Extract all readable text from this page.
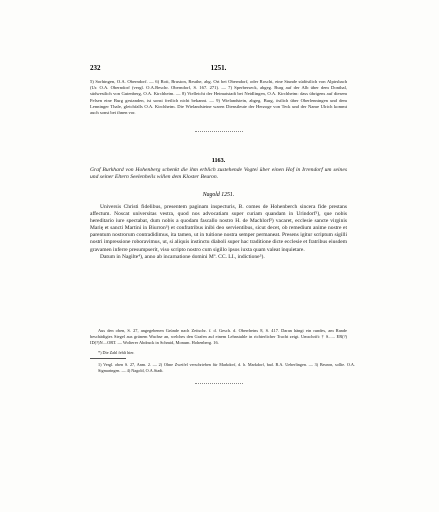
232	1251.

5) Sorhingen, O.A. Oberndorf. — 6) Roti, Bruston, Reuthe, abg. Ort bei Oberndorf, oder Roschi, eine Stunde südöstlich von Alpirsbach (Ur. O.A. Oberndorf (vergl. O.A.Beschr. Oberndorf, S. 167. 271). — 7) Sperberseck, abgeg. Burg auf der Alb über dem Donthal, südwestlich von Gutenberg, O.A. Kirchheim. — 8) Vielleicht der Heimatstadt bei Neidlingen, O.A. Kirchheim: dass übrigens auf diesem Felsen eine Burg gestanden, ist sonst freilich nicht bekannt. — 9) Wielandstein, abgeg. Burg, östlich über Oberlenningen und dem Lenninger Thale, gleichfalls O.A. Kirchheim. Die Wielandsteine waren Dienstleute der Herzoge von Teck und der Name Ulrich kommt auch sonst bei ihnen vor.

1163.

Graf Burkhard von Hohenberg schenkt die ihm erblich zustehende Vogtei über einen Hof in Irrendorf um seines und seiner Eltern Seelenheils willen dem Kloster Beuron.

Nagold 1251.

Universis Christi fidelibus, presentem paginam inspecturis, B. comes de Hohenberch sincera fide prestans affectum. Noscat universitas vestra, quod nos advocatiam super curiam quandam in Urindorf¹), que nobis hereditario iure spectabat, dum nobis a quodam fascallo nostro H. de Machlorf²) vacaret, ecclesie sancte virginis Marię et sancti Martini in Biurron³) et confratribus inibi deo servientibus, sicut decet, ob remedium anime nostre et parentum nostrorum contradidimus, ita tamen, ut in tuitione nostra semper permaneat. Presens igitur scriptum sigilli nostri impressione roboravimus, ut, si aliquis instinctu diaboli super hac traditione dicte ecclesie et fratribus eiusdem gravamen inferre presumpserit, viso scripto nostro cum sigillo ipsos iuxta quam valeat inquietare.

Datum in Nagilte⁴), anno ab incarnatione domini Mº. CC. LI., indictione⁵).

Aus den oben, S. 27, angegebenen Gründe nach Zeitschr. f. d. Gesch. d. Oberrheins 8, S. 417. Daran hängt ein rundes, am Rande beschädigtes Siegel aus grünem Wachse an, welches den Grafen auf einem Lehnstuhle in richterlicher Tracht zeigt. Umschrift: † S...... ER(?) ID(?)N....ORT. — Wolterer Abdruck in Schmid, Monum. Hohenberg. 16.

*) Die Zahl fehlt hier.

1) Vergl. oben S. 27, Anm. 2. — 2) Ohne Zweifel verschrieben für Markdorf, d. h. Markdorf, bad. B.A. Ueberlingen. — 3) Beuron, sollte. O.A. Sigmaringen. — 4) Nagold, O.A.Stadt.
